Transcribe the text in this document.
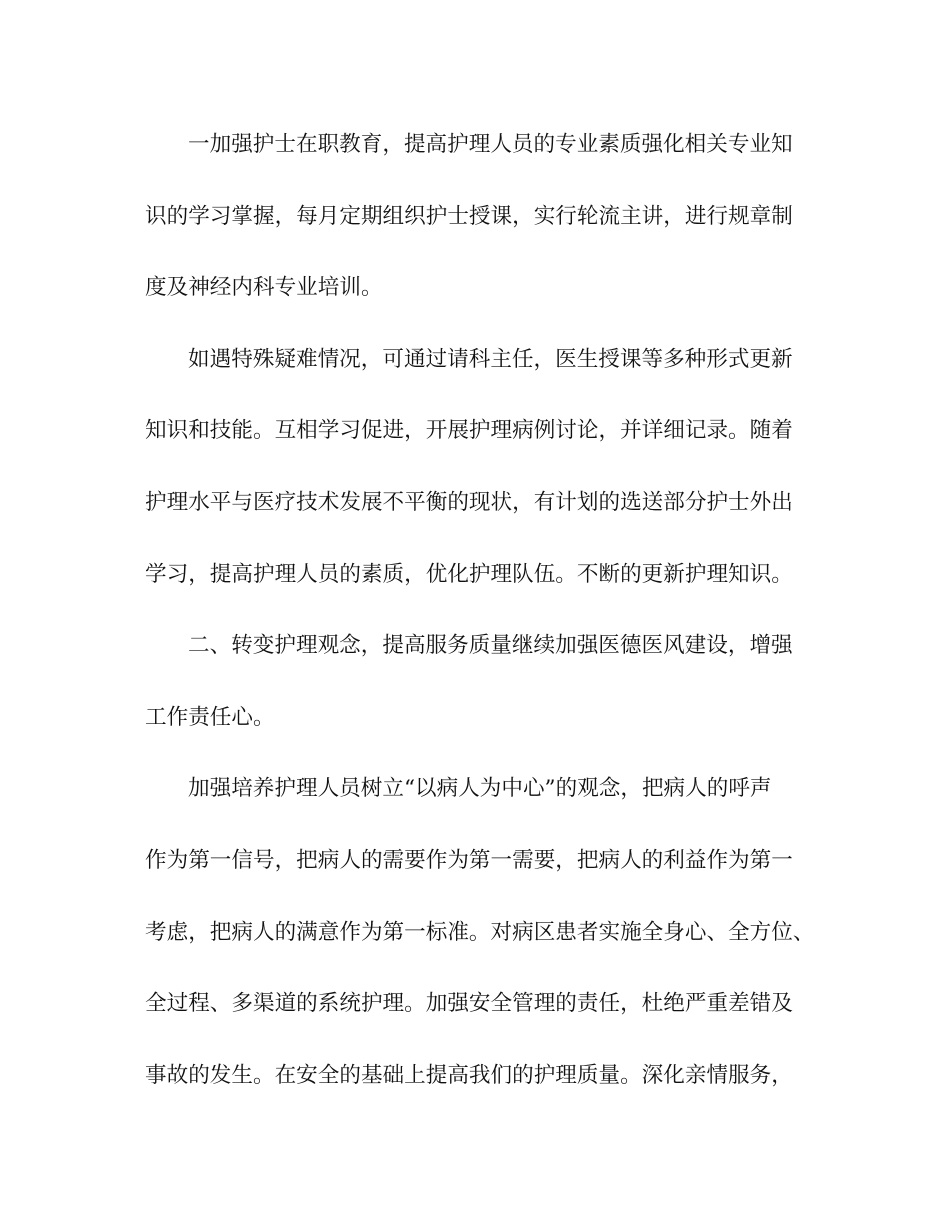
一加强护士在职教育，提高护理人员的专业素质强化相关专业知
识的学习掌握，每月定期组织护士授课，实行轮流主讲，进行规章制
度及神经内科专业培训。
如遇特殊疑难情况，可通过请科主任，医生授课等多种形式更新
知识和技能。互相学习促进，开展护理病例讨论，并详细记录。随着
护理水平与医疗技术发展不平衡的现状，有计划的选送部分护士外出
学习，提高护理人员的素质，优化护理队伍。不断的更新护理知识。
二、转变护理观念，提高服务质量继续加强医德医风建设，增强
工作责任心。
加强培养护理人员树立“以病人为中心”的观念，把病人的呼声
作为第一信号，把病人的需要作为第一需要，把病人的利益作为第一
考虑，把病人的满意作为第一标准。对病区患者实施全身心、全方位、
全过程、多渠道的系统护理。加强安全管理的责任，杜绝严重差错及
事故的发生。在安全的基础上提高我们的护理质量。深化亲情服务，
